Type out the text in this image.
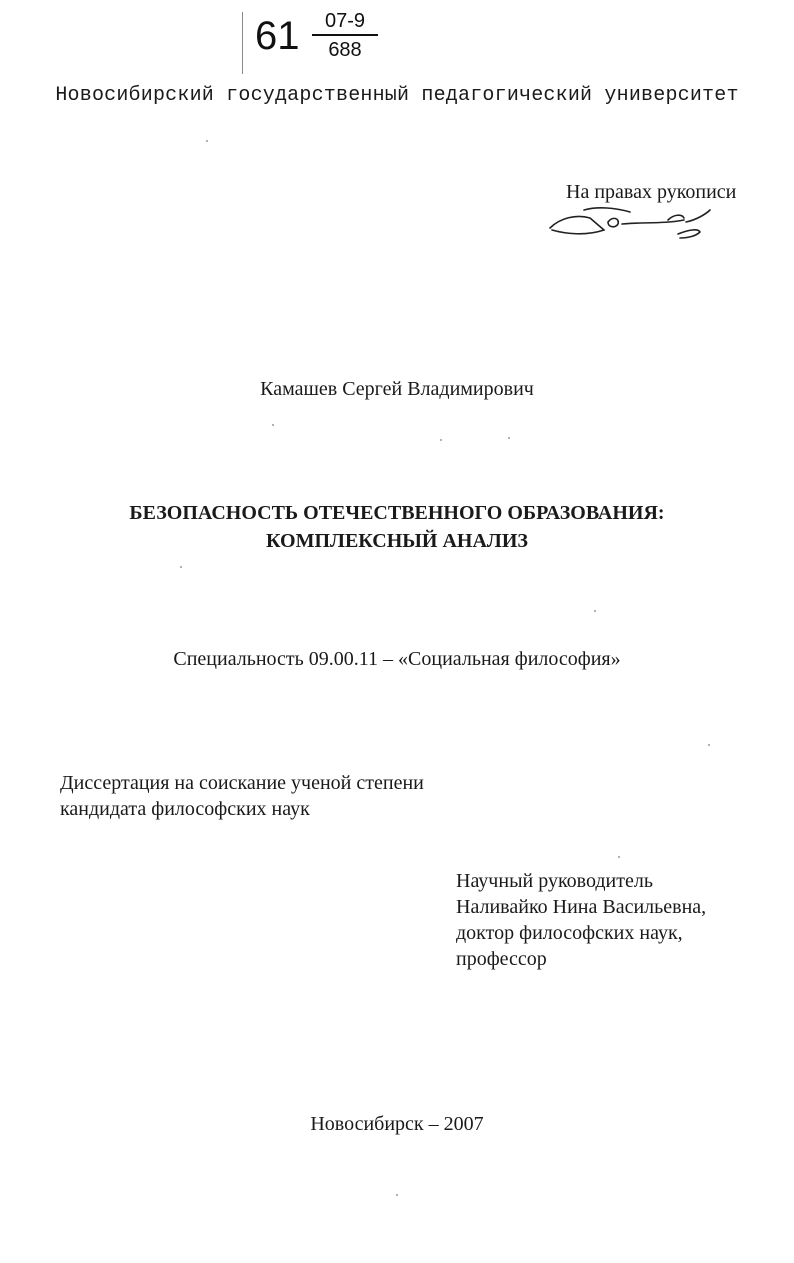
61	07-9
688
Новосибирский государственный педагогический университет
На правах рукописи
Камашев Сергей Владимирович
БЕЗОПАСНОСТЬ ОТЕЧЕСТВЕННОГО ОБРАЗОВАНИЯ:
КОМПЛЕКСНЫЙ АНАЛИЗ
Специальность 09.00.11 – «Социальная философия»
Диссертация на соискание ученой степени
кандидата философских наук
Научный руководитель
Наливайко Нина Васильевна,
доктор философских наук,
профессор
Новосибирск – 2007
